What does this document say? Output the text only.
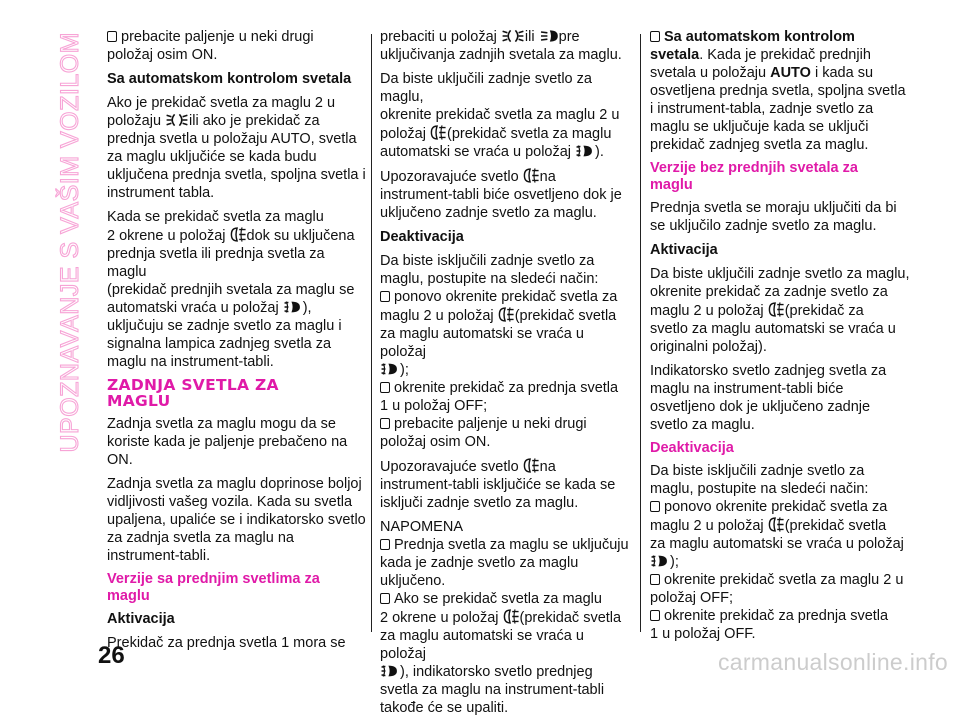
UPOZNAVANJE S VAŠIM VOZILOM	prebacite paljenje u neki drugi
položaj osim ON.

Sa automatskom kontrolom svetala

Ako je prekidač svetla za maglu 2 u
položaju ili ako je prekidač za
prednja svetla u položaju AUTO, svetla
za maglu uključiće se kada budu
uključena prednja svetla, spoljna svetla i
instrument tabla.

Kada se prekidač svetla za maglu
2 okrene u položaj dok su uključena
prednja svetla ili prednja svetla za maglu
(prekidač prednjih svetala za maglu se
automatski vraća u položaj ),
uključuju se zadnje svetlo za maglu i
signalna lampica zadnjeg svetla za
maglu na instrument-tabli.

ZADNJA SVETLA ZA
MAGLU

Zadnja svetla za maglu mogu da se
koriste kada je paljenje prebačeno na
ON.

Zadnja svetla za maglu doprinose boljoj
vidljivosti vašeg vozila. Kada su svetla
upaljena, upaliće se i indikatorsko svetlo
za zadnja svetla za maglu na
instrument-tabli.

Verzije sa prednjim svetlima za
maglu
Aktivacija

Prekidač za prednja svetla 1 mora se

prebaciti u položaj ili pre
uključivanja zadnjih svetala za maglu.

Da biste uključili zadnje svetlo za maglu,
okrenite prekidač svetla za maglu 2 u
položaj (prekidač svetla za maglu
automatski se vraća u položaj ).

Upozoravajuće svetlo na
instrument-tabli biće osvetljeno dok je
uključeno zadnje svetlo za maglu.

Deaktivacija

Da biste isključili zadnje svetlo za
maglu, postupite na sledeći način:
ponovo okrenite prekidač svetla za
maglu 2 u položaj (prekidač svetla
za maglu automatski se vraća u položaj

);
okrenite prekidač za prednja svetla
1 u položaj OFF;
prebacite paljenje u neki drugi
položaj osim ON.

Upozoravajuće svetlo na
instrument-tabli isključiće se kada se
isključi zadnje svetlo za maglu.

NAPOMENA
Prednja svetla za maglu se uključuju
kada je zadnje svetlo za maglu
uključeno.
Ako se prekidač svetla za maglu
2 okrene u položaj (prekidač svetla
za maglu automatski se vraća u položaj

), indikatorsko svetlo prednjeg
svetla za maglu na instrument-tabli
takođe će se upaliti.

Sa automatskom kontrolom
svetala. Kada je prekidač prednjih
svetala u položaju AUTO i kada su
osvetljena prednja svetla, spoljna svetla
i instrument-tabla, zadnje svetlo za
maglu se uključuje kada se uključi
prekidač zadnjeg svetla za maglu.

Verzije bez prednjih svetala za
maglu

Prednja svetla se moraju uključiti da bi
se uključilo zadnje svetlo za maglu.

Aktivacija

Da biste uključili zadnje svetlo za maglu,
okrenite prekidač za zadnje svetlo za
maglu 2 u položaj (prekidač za
svetlo za maglu automatski se vraća u
originalni položaj).

Indikatorsko svetlo zadnjeg svetla za
maglu na instrument-tabli biće
osvetljeno dok je uključeno zadnje
svetlo za maglu.

Deaktivacija

Da biste isključili zadnje svetlo za
maglu, postupite na sledeći način:
ponovo okrenite prekidač svetla za
maglu 2 u položaj (prekidač svetla
za maglu automatski se vraća u položaj

);
okrenite prekidač svetla za maglu 2 u
položaj OFF;
okrenite prekidač za prednja svetla
1 u položaj OFF.

26	carmanualsonline.info
